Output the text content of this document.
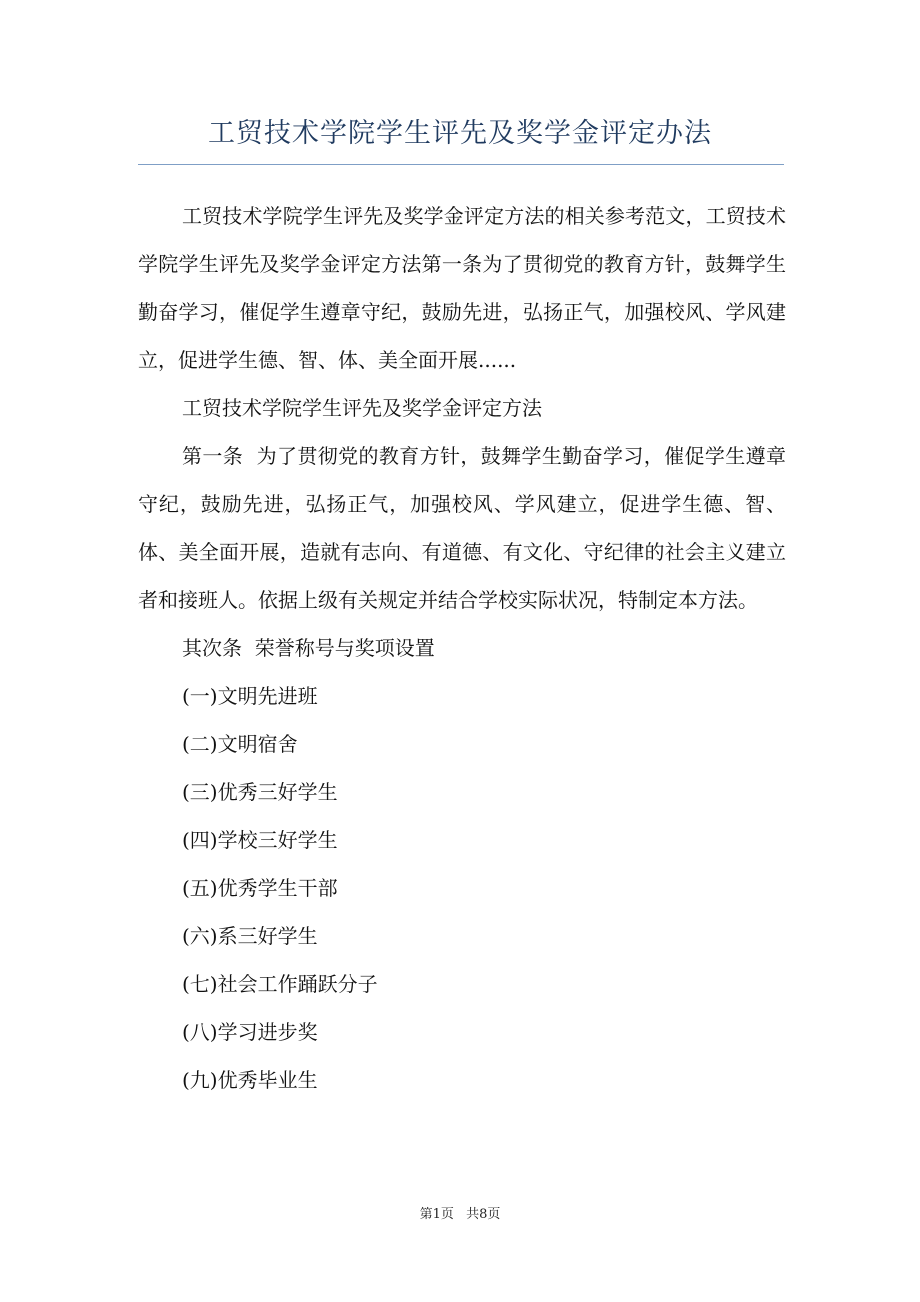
工贸技术学院学生评先及奖学金评定办法

工贸技术学院学生评先及奖学金评定方法的相关参考范文，工贸技术学院学生评先及奖学金评定方法第一条为了贯彻党的教育方针，鼓舞学生勤奋学习，催促学生遵章守纪，鼓励先进，弘扬正气，加强校风、学风建立，促进学生德、智、体、美全面开展......

工贸技术学院学生评先及奖学金评定方法

第一条  为了贯彻党的教育方针，鼓舞学生勤奋学习，催促学生遵章守纪，鼓励先进，弘扬正气，加强校风、学风建立，促进学生德、智、体、美全面开展，造就有志向、有道德、有文化、守纪律的社会主义建立者和接班人。依据上级有关规定并结合学校实际状况，特制定本方法。

其次条  荣誉称号与奖项设置

(一)文明先进班

(二)文明宿舍

(三)优秀三好学生

(四)学校三好学生

(五)优秀学生干部

(六)系三好学生

(七)社会工作踊跃分子

(八)学习进步奖

(九)优秀毕业生

第1页 共8页
